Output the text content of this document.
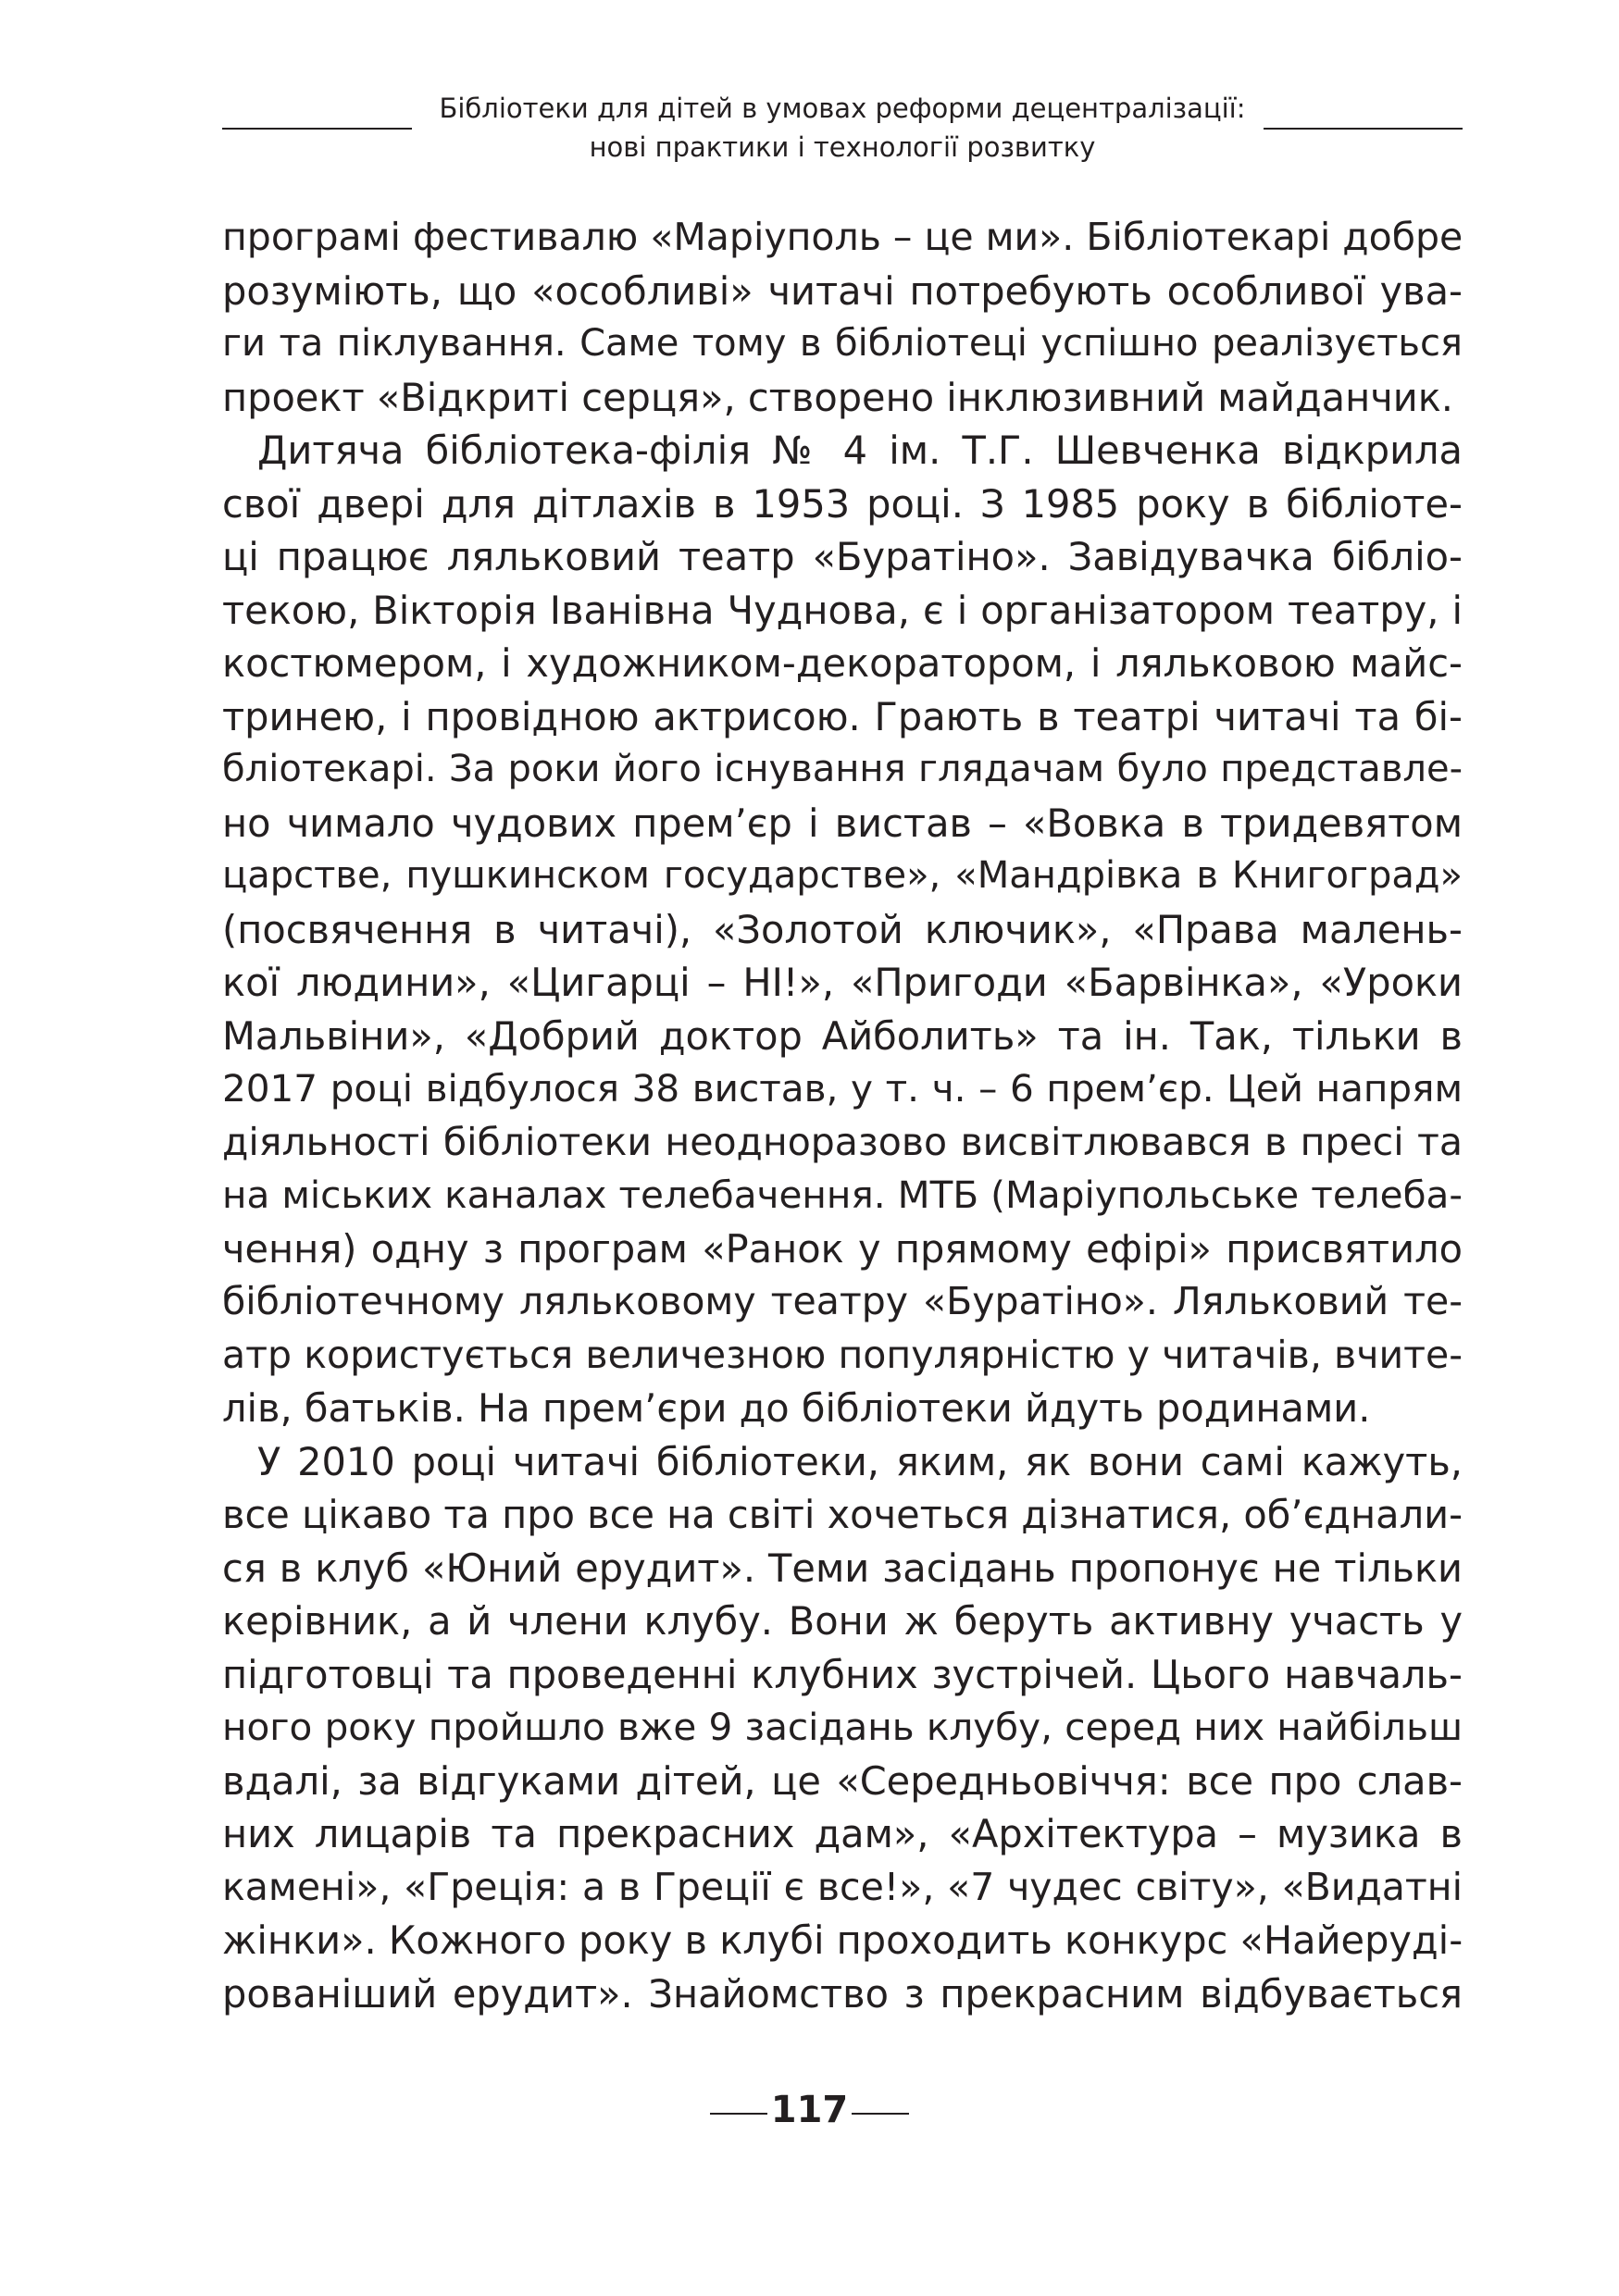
Бібліотеки для дітей в умовах реформи децентралізації:
нові практики і технології розвитку
програмі фестивалю «Маріуполь – це ми». Бібліотекарі добре
розуміють, що «особливі» читачі потребують особливої ува-
ги та піклування. Саме тому в бібліотеці успішно реалізується
проект «Відкриті серця», створено інклюзивний майданчик.
Дитяча бібліотека-філія № 4 ім. Т.Г. Шевченка відкрила
свої двері для дітлахів в 1953 році. З 1985 року в бібліоте-
ці працює ляльковий театр «Буратіно». Завідувачка бібліо-
текою, Вікторія Іванівна Чуднова, є і організатором театру, і
костюмером, і художником-декоратором, і ляльковою майс-
тринею, і провідною актрисою. Грають в театрі читачі та бі-
бліотекарі. За роки його існування глядачам було представле-
но чимало чудових прем’єр і вистав – «Вовка в тридевятом
царстве, пушкинском государстве», «Мандрівка в Книгоград»
(посвячення в читачі), «Золотой ключик», «Права малень-
кої людини», «Цигарці – НІ!», «Пригоди «Барвінка», «Уроки
Мальвіни», «Добрий доктор Айболить» та ін. Так, тільки в
2017 році відбулося 38 вистав, у т. ч. – 6 прем’єр. Цей напрям
діяльності бібліотеки неодноразово висвітлювався в пресі та
на міських каналах телебачення. МТБ (Маріупольське телеба-
чення) одну з програм «Ранок у прямому ефірі» присвятило
бібліотечному ляльковому театру «Буратіно». Ляльковий те-
атр користується величезною популярністю у читачів, вчите-
лів, батьків. На прем’єри до бібліотеки йдуть родинами.
У 2010 році читачі бібліотеки, яким, як вони самі кажуть,
все цікаво та про все на світі хочеться дізнатися, об’єднали-
ся в клуб «Юний ерудит». Теми засідань пропонує не тільки
керівник, а й члени клубу. Вони ж беруть активну участь у
підготовці та проведенні клубних зустрічей. Цього навчаль-
ного року пройшло вже 9 засідань клубу, серед них найбільш
вдалі, за відгуками дітей, це «Середньовіччя: все про слав-
них лицарів та прекрасних дам», «Архітектура – музика в
камені», «Греція: а в Греції є все!», «7 чудес світу», «Видатні
жінки». Кожного року в клубі проходить конкурс «Найеруді-
рованіший ерудит». Знайомство з прекрасним відбувається
117
